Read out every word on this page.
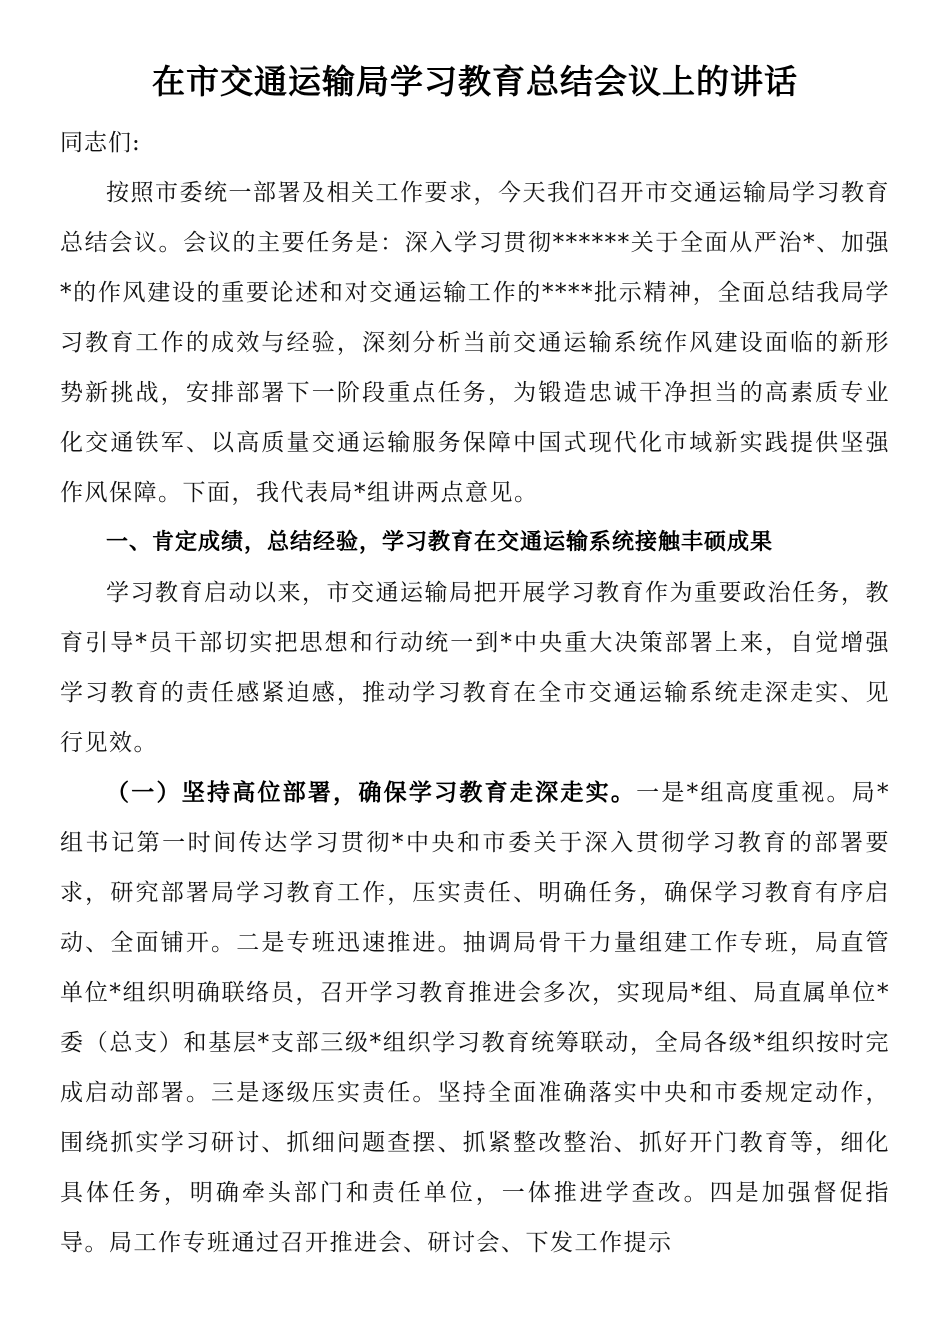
在市交通运输局学习教育总结会议上的讲话

同志们:

按照市委统一部署及相关工作要求，今天我们召开市交通运输局学习教育总结会议。会议的主要任务是：深入学习贯彻******关于全面从严治*、加强*的作风建设的重要论述和对交通运输工作的****批示精神，全面总结我局学习教育工作的成效与经验，深刻分析当前交通运输系统作风建设面临的新形势新挑战，安排部署下一阶段重点任务，为锻造忠诚干净担当的高素质专业化交通铁军、以高质量交通运输服务保障中国式现代化市域新实践提供坚强作风保障。下面，我代表局*组讲两点意见。

一、肯定成绩，总结经验，学习教育在交通运输系统接触丰硕成果

学习教育启动以来，市交通运输局把开展学习教育作为重要政治任务，教育引导*员干部切实把思想和行动统一到*中央重大决策部署上来，自觉增强学习教育的责任感紧迫感，推动学习教育在全市交通运输系统走深走实、见行见效。

（一）坚持高位部署，确保学习教育走深走实。一是*组高度重视。局*组书记第一时间传达学习贯彻*中央和市委关于深入贯彻学习教育的部署要求，研究部署局学习教育工作，压实责任、明确任务，确保学习教育有序启动、全面铺开。二是专班迅速推进。抽调局骨干力量组建工作专班，局直管单位*组织明确联络员，召开学习教育推进会多次，实现局*组、局直属单位*委（总支）和基层*支部三级*组织学习教育统筹联动，全局各级*组织按时完成启动部署。三是逐级压实责任。坚持全面准确落实中央和市委规定动作，围绕抓实学习研讨、抓细问题查摆、抓紧整改整治、抓好开门教育等，细化具体任务，明确牵头部门和责任单位，一体推进学查改。四是加强督促指导。局工作专班通过召开推进会、研讨会、下发工作提示
